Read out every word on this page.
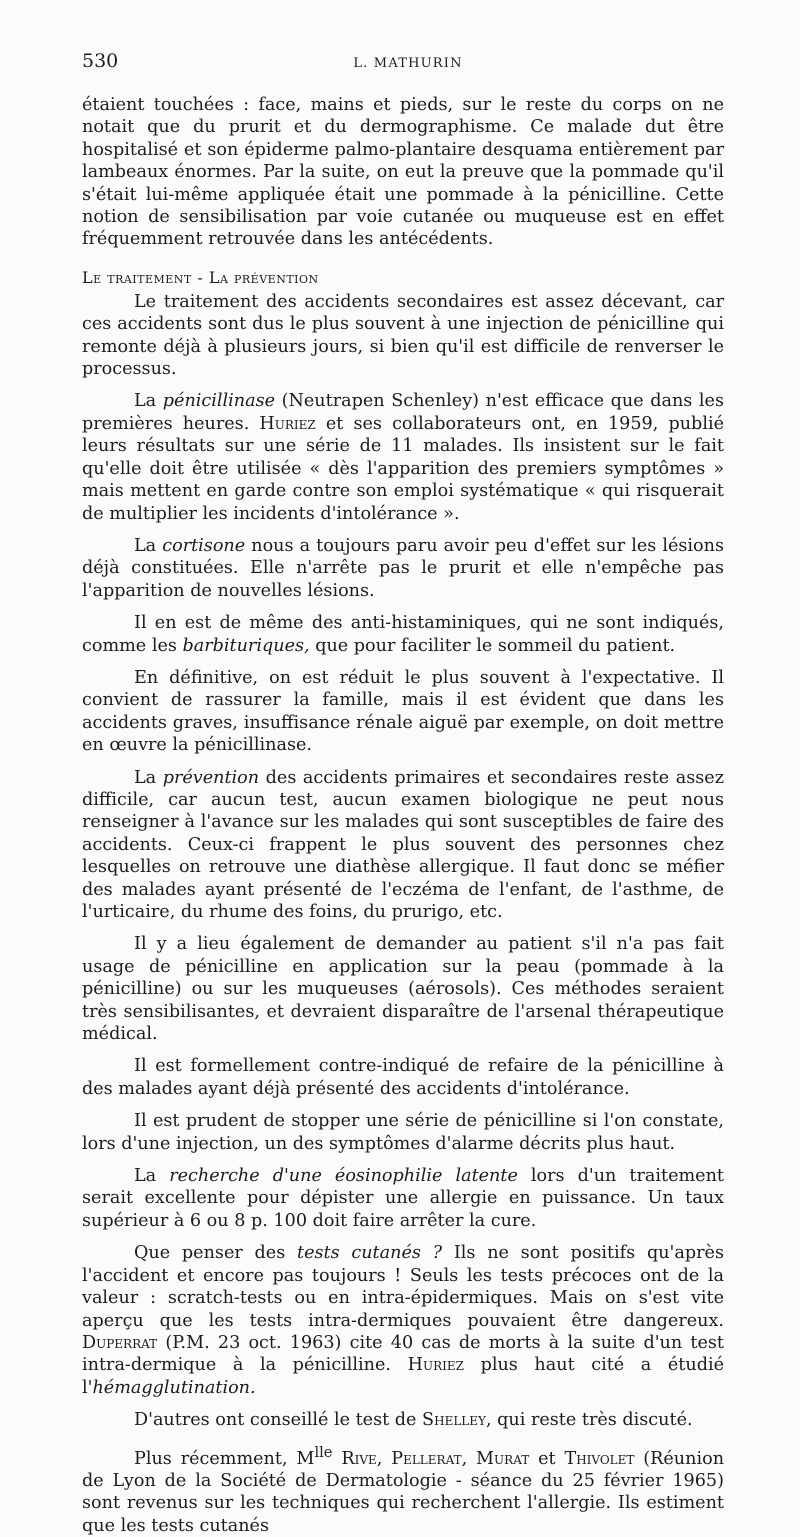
530	L. MATHURIN

étaient touchées : face, mains et pieds, sur le reste du corps on ne notait que du prurit et du dermographisme. Ce malade dut être hospitalisé et son épiderme palmo-plantaire desquama entièrement par lambeaux énormes. Par la suite, on eut la preuve que la pommade qu'il s'était lui-même appliquée était une pommade à la pénicilline. Cette notion de sensibilisation par voie cutanée ou muqueuse est en effet fréquemment retrouvée dans les antécédents.

Le traitement - La prévention

Le traitement des accidents secondaires est assez décevant, car ces accidents sont dus le plus souvent à une injection de pénicilline qui remonte déjà à plusieurs jours, si bien qu'il est difficile de renverser le processus.

La pénicillinase (Neutrapen Schenley) n'est efficace que dans les premières heures. Huriez et ses collaborateurs ont, en 1959, publié leurs résultats sur une série de 11 malades. Ils insistent sur le fait qu'elle doit être utilisée « dès l'apparition des premiers symptômes » mais mettent en garde contre son emploi systématique « qui risquerait de multiplier les incidents d'intolérance ».

La cortisone nous a toujours paru avoir peu d'effet sur les lésions déjà constituées. Elle n'arrête pas le prurit et elle n'empêche pas l'apparition de nouvelles lésions.

Il en est de même des anti-histaminiques, qui ne sont indiqués, comme les barbituriques, que pour faciliter le sommeil du patient.

En définitive, on est réduit le plus souvent à l'expectative. Il convient de rassurer la famille, mais il est évident que dans les accidents graves, insuffisance rénale aiguë par exemple, on doit mettre en œuvre la pénicillinase.

La prévention des accidents primaires et secondaires reste assez difficile, car aucun test, aucun examen biologique ne peut nous renseigner à l'avance sur les malades qui sont susceptibles de faire des accidents. Ceux-ci frappent le plus souvent des personnes chez lesquelles on retrouve une diathèse allergique. Il faut donc se méfier des malades ayant présenté de l'eczéma de l'enfant, de l'asthme, de l'urticaire, du rhume des foins, du prurigo, etc.

Il y a lieu également de demander au patient s'il n'a pas fait usage de pénicilline en application sur la peau (pommade à la pénicilline) ou sur les muqueuses (aérosols). Ces méthodes seraient très sensibilisantes, et devraient disparaître de l'arsenal thérapeutique médical.

Il est formellement contre-indiqué de refaire de la pénicilline à des malades ayant déjà présenté des accidents d'intolérance.

Il est prudent de stopper une série de pénicilline si l'on constate, lors d'une injection, un des symptômes d'alarme décrits plus haut.

La recherche d'une éosinophilie latente lors d'un traitement serait excellente pour dépister une allergie en puissance. Un taux supérieur à 6 ou 8 p. 100 doit faire arrêter la cure.

Que penser des tests cutanés ? Ils ne sont positifs qu'après l'accident et encore pas toujours ! Seuls les tests précoces ont de la valeur : scratch-tests ou en intra-épidermiques. Mais on s'est vite aperçu que les tests intra-dermiques pouvaient être dangereux. Duperrat (P.M. 23 oct. 1963) cite 40 cas de morts à la suite d'un test intra-dermique à la pénicilline. Huriez plus haut cité a étudié l'hémagglutination.

D'autres ont conseillé le test de Shelley, qui reste très discuté.

Plus récemment, $M^{lle}$ Rive, Pellerat, Murat et Thivolet (Réunion de Lyon de la Société de Dermatologie - séance du 25 février 1965) sont revenus sur les techniques qui recherchent l'allergie. Ils estiment que les tests cutanés
